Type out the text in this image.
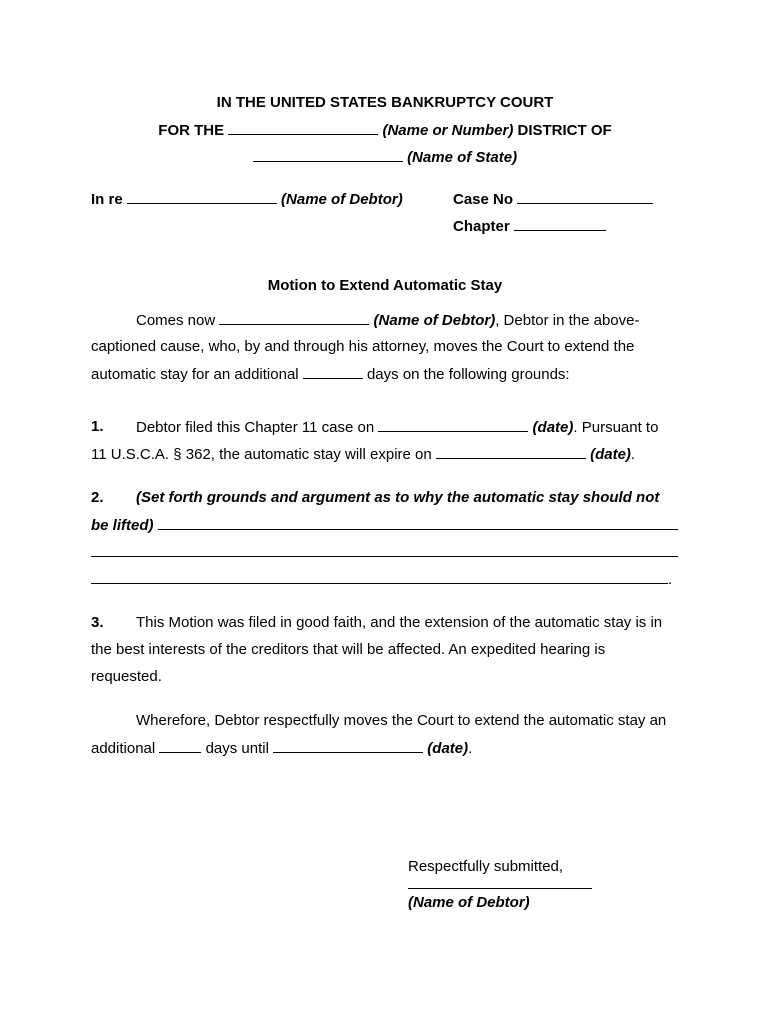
IN THE UNITED STATES BANKRUPTCY COURT
FOR THE	(Name or Number) DISTRICT OF
(Name of State)
In re	(Name of Debtor)	Case No
Chapter
Motion to Extend Automatic Stay
Comes now	(Name of Debtor), Debtor in the above-
captioned cause, who, by and through his attorney, moves the Court to extend the
automatic stay for an additional	days on the following grounds:
1. Debtor filed this Chapter 11 case on	(date). Pursuant to
11 U.S.C.A. § 362, the automatic stay will expire on	(date).
2. (Set forth grounds and argument as to why the automatic stay should not
be lifted)
.
3. This Motion was filed in good faith, and the extension of the automatic stay is in
the best interests of the creditors that will be affected. An expedited hearing is
requested.
Wherefore, Debtor respectfully moves the Court to extend the automatic stay an
additional	days until	(date).
Respectfully submitted,
(Name of Debtor)
